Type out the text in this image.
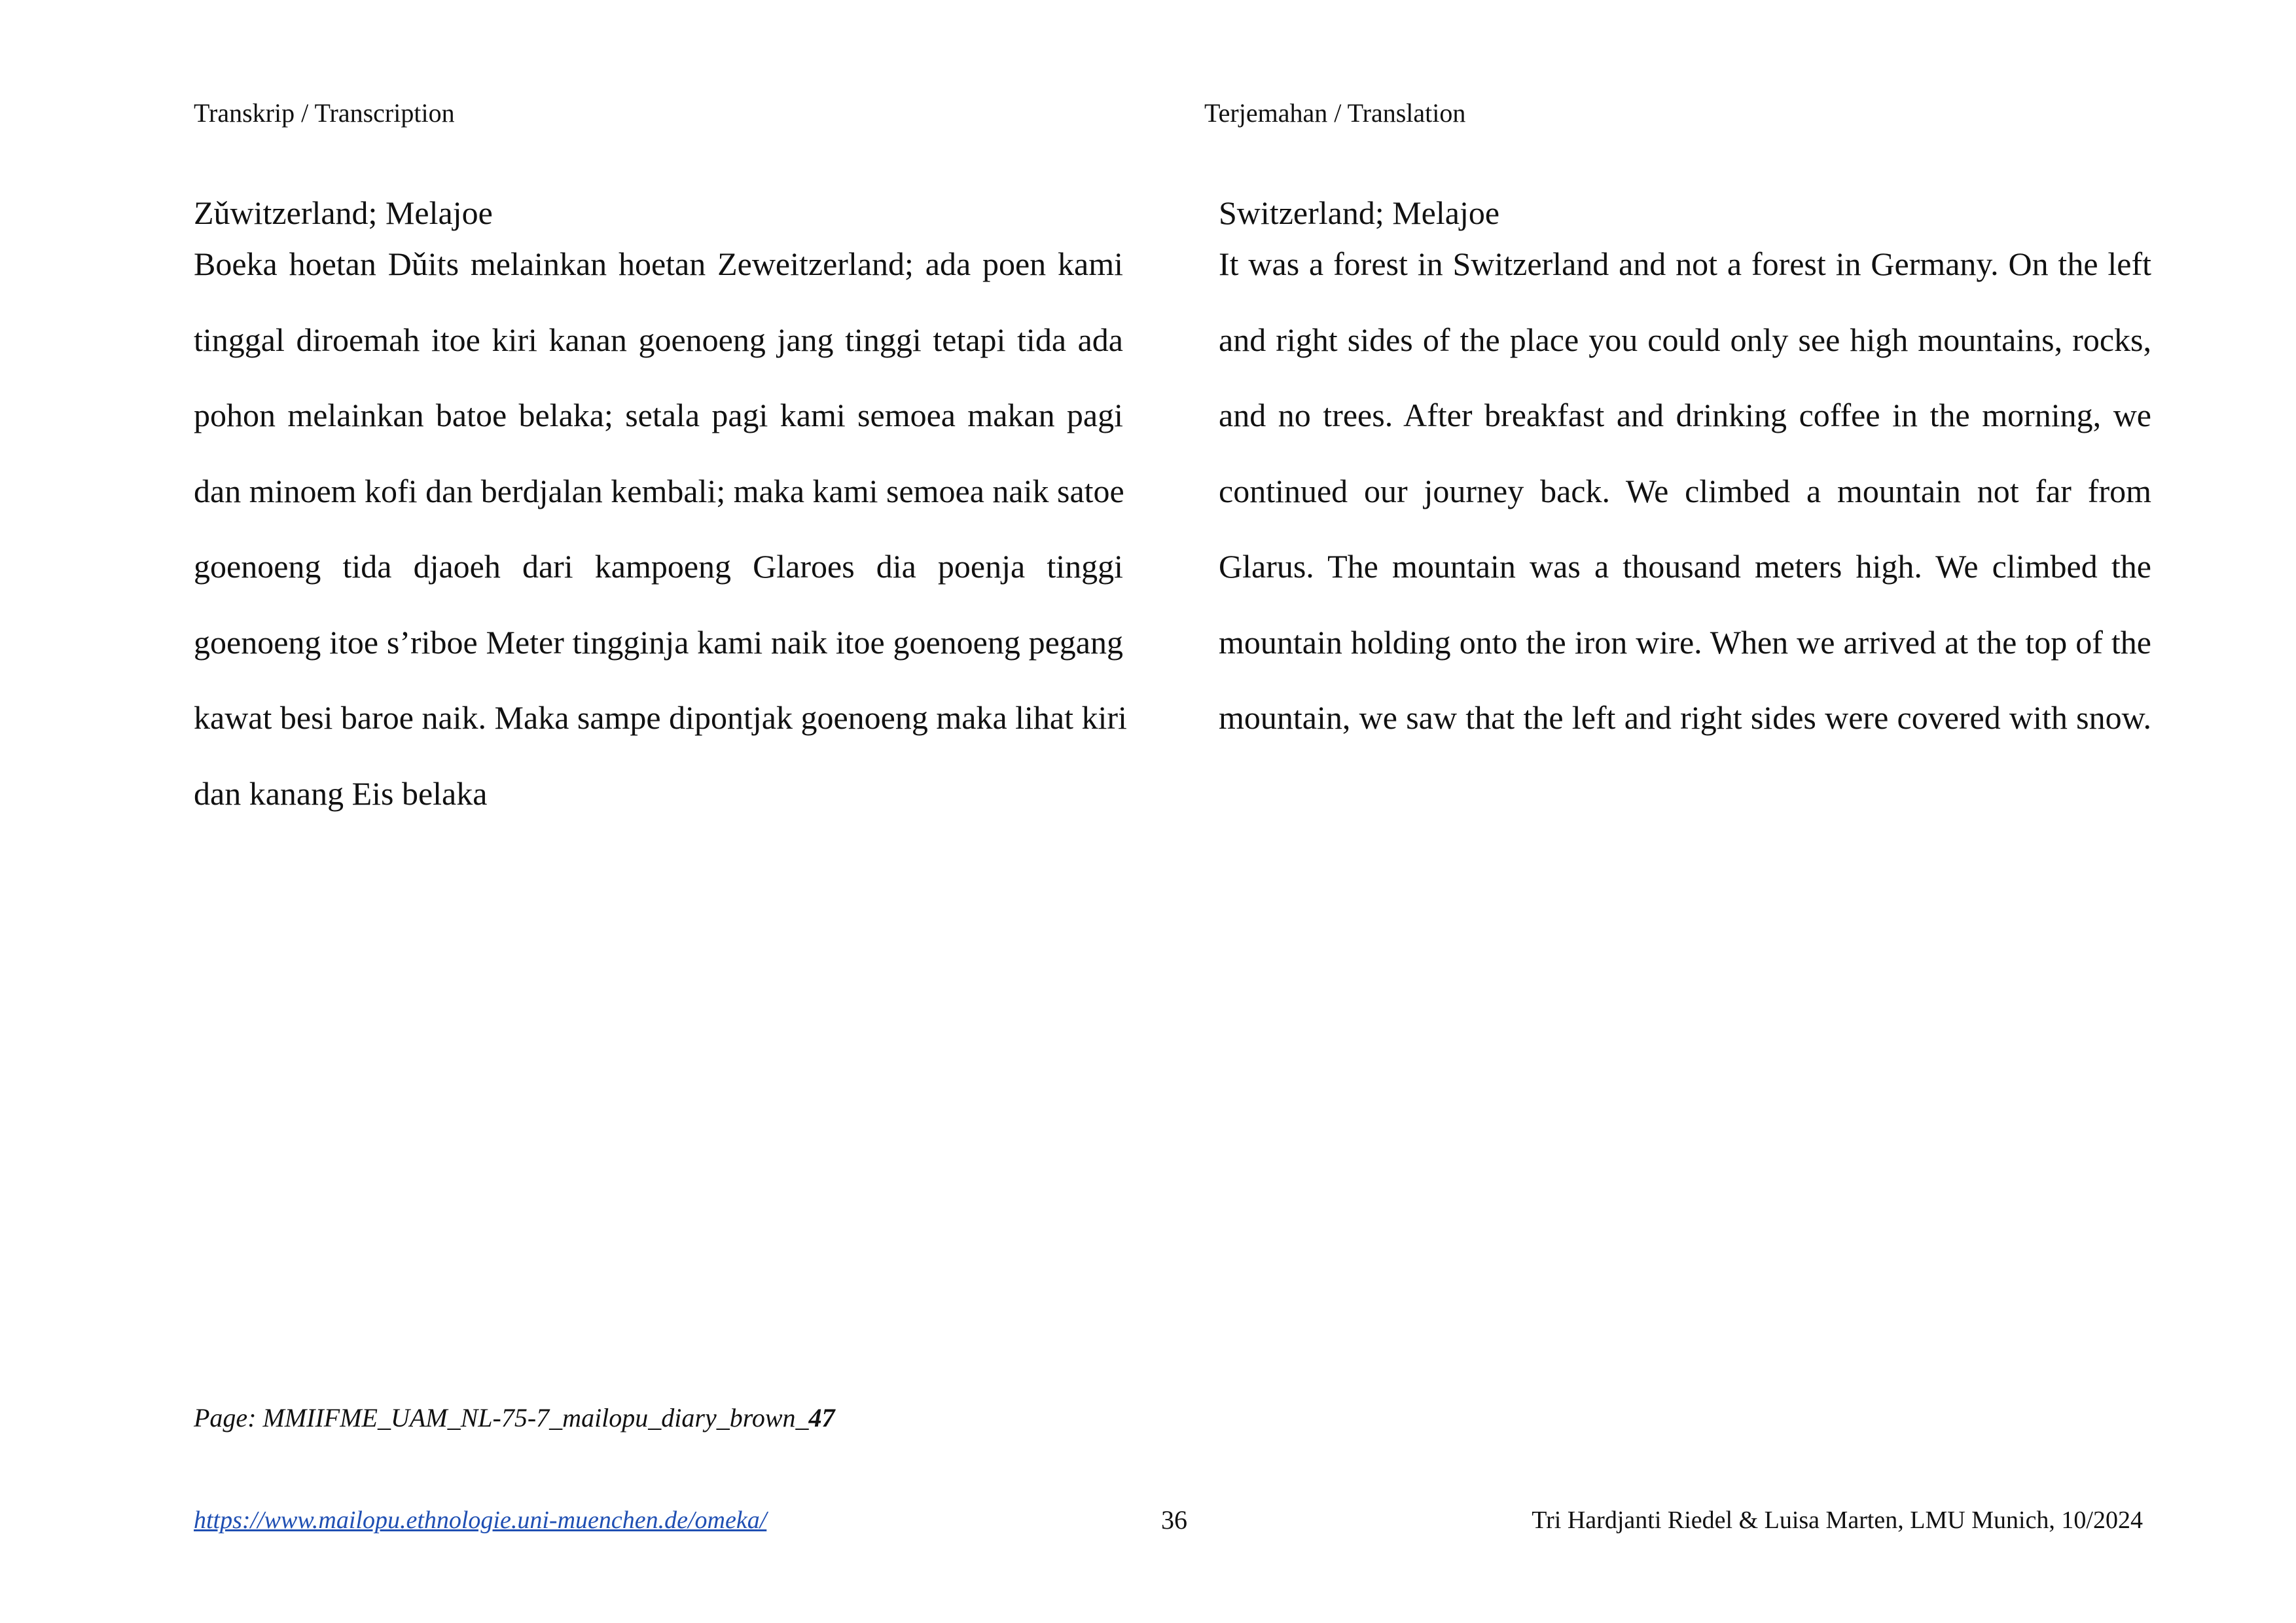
Transkrip / Transcription	Terjemahan / Translation

Zǔwitzerland; Melajoe

Boeka hoetan Dǔits melainkan hoetan Zeweitzerland; ada poen kami
tinggal diroemah itoe kiri kanan goenoeng jang tinggi tetapi tida ada
pohon melainkan batoe belaka; setala pagi kami semoea makan pagi
dan minoem kofi dan berdjalan kembali; maka kami semoea naik satoe
goenoeng tida djaoeh dari kampoeng Glaroes dia poenja tinggi
goenoeng itoe s’riboe Meter tingginja kami naik itoe goenoeng pegang
kawat besi baroe naik. Maka sampe dipontjak goenoeng maka lihat kiri
dan kanang Eis belaka

Switzerland; Melajoe

It was a forest in Switzerland and not a forest in Germany. On the left
and right sides of the place you could only see high mountains, rocks,
and no trees. After breakfast and drinking coffee in the morning, we
continued our journey back. We climbed a mountain not far from
Glarus. The mountain was a thousand meters high. We climbed the
mountain holding onto the iron wire. When we arrived at the top of the
mountain, we saw that the left and right sides were covered with snow.
Page: MMIIFME_UAM_NL-75-7_mailopu_diary_brown_47
https://www.mailopu.ethnologie.uni-muenchen.de/omeka/	36	Tri Hardjanti Riedel & Luisa Marten, LMU Munich, 10/2024
